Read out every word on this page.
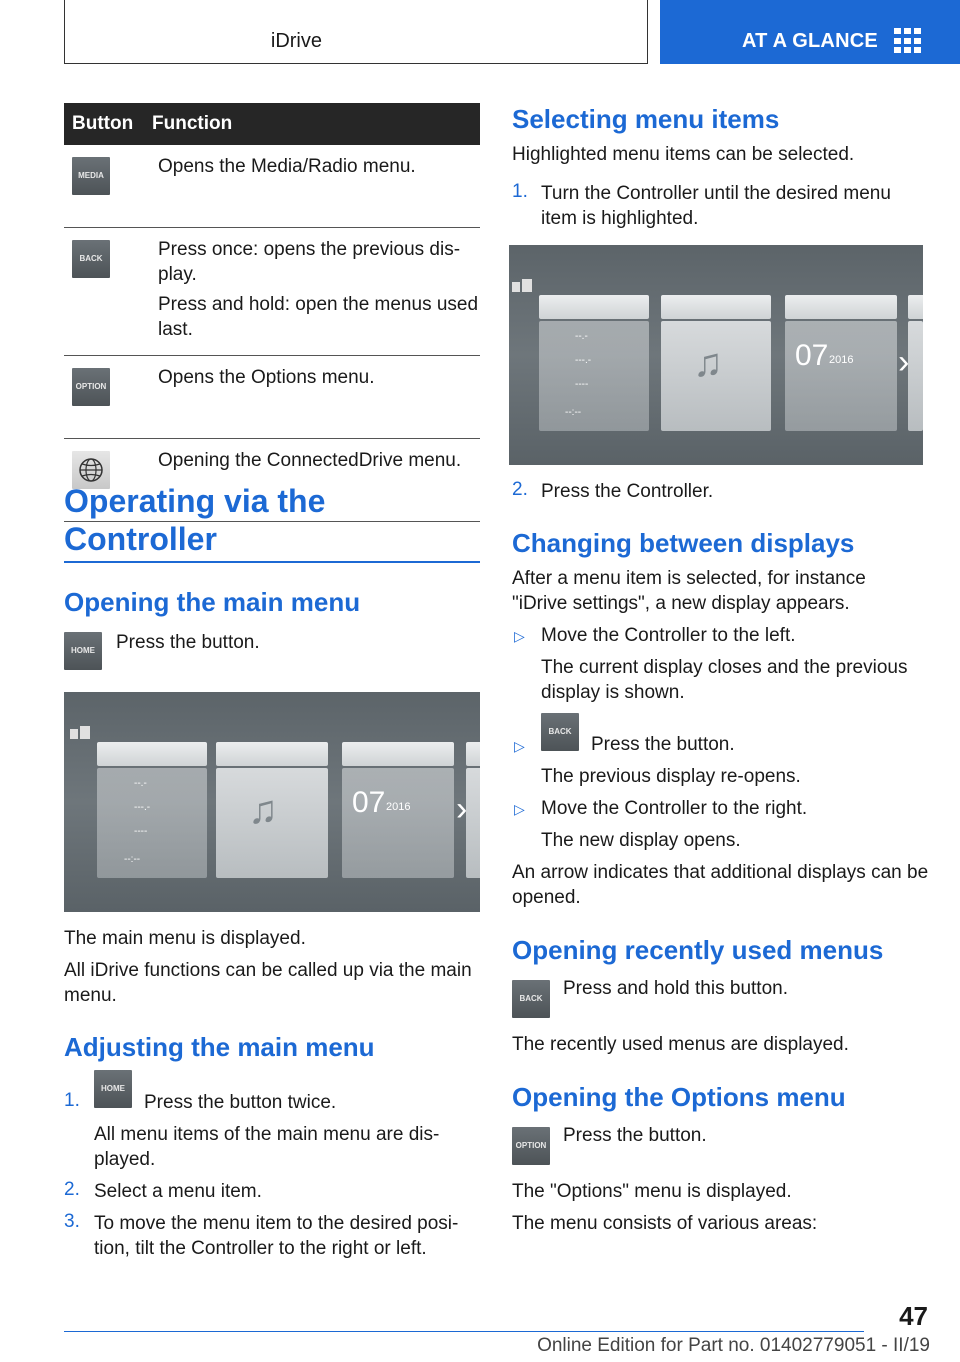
iDrive	AT A GLANCE
Button	Function
MEDIA	Opens the Media/Radio menu.

BACK	Press once: opens the previous dis‐play.

Press and hold: open the menus used last.

OPTION	Opens the Options menu.

Opening the ConnectedDrive menu.

Operating via the Controller
Opening the main menu
HOME	Press the button.

--.-
---.-
----
--:--
♫ 07 2016 ›

The main menu is displayed.

All iDrive functions can be called up via the main menu.

Adjusting the main menu
1.
HOME

Press the button twice.

All menu items of the main menu are dis‐played.

2. Select a menu item.

3. To move the menu item to the desired posi‐tion, tilt the Controller to the right or left.

Selecting menu items

Highlighted menu items can be selected.

1. Turn the Controller until the desired menu item is highlighted.

--.-
---.-
----
--:--
♫ 07 2016 ›
2. Press the Controller.

Changing between displays

After a menu item is selected, for instance "iDrive settings", a new display appears.

▷ Move the Controller to the left.

The current display closes and the previous display is shown.

▷
BACK

Press the button.

The previous display re-opens.

▷ Move the Controller to the right.

The new display opens.

An arrow indicates that additional displays can be opened.

Opening recently used menus
BACK	Press and hold this button.

The recently used menus are displayed.

Opening the Options menu
OPTION Press the button.

The "Options" menu is displayed.

The menu consists of various areas:

47
Online Edition for Part no. 01402779051 - II/19
